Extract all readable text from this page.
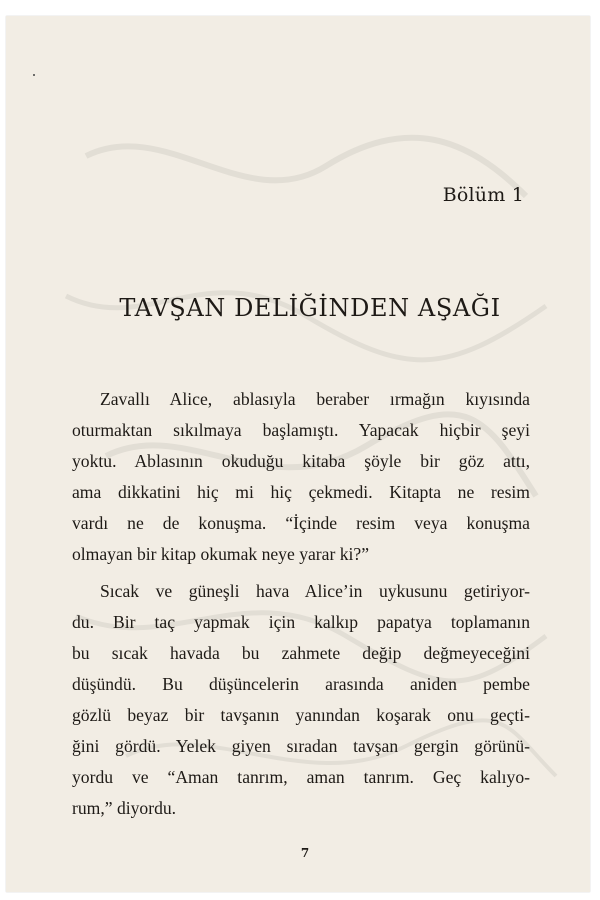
Bölüm 1
TAVŞAN DELİĞİNDEN AŞAĞI
Zavallı Alice, ablasıyla beraber ırmağın kıyısında
oturmaktan sıkılmaya başlamıştı. Yapacak hiçbir şeyi
yoktu. Ablasının okuduğu kitaba şöyle bir göz attı,
ama dikkatini hiç mi hiç çekmedi. Kitapta ne resim
vardı ne de konuşma. “İçinde resim veya konuşma
olmayan bir kitap okumak neye yarar ki?”
Sıcak ve güneşli hava Alice’in uykusunu getiriyor-
du. Bir taç yapmak için kalkıp papatya toplamanın
bu sıcak havada bu zahmete değip değmeyeceğini
düşündü. Bu düşüncelerin arasında aniden pembe
gözlü beyaz bir tavşanın yanından koşarak onu geçti-
ğini gördü. Yelek giyen sıradan tavşan gergin görünü-
yordu ve “Aman tanrım, aman tanrım. Geç kalıyo-
rum,” diyordu.
7
